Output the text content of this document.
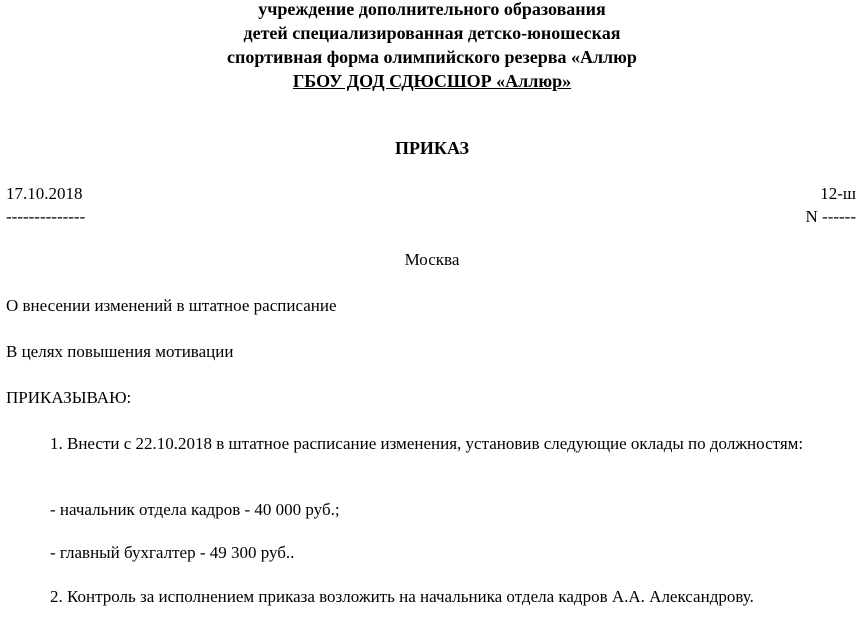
учреждение дополнительного образования
детей специализированная детско-юношеская
спортивная форма олимпийского резерва «Аллюр
ГБОУ ДОД СДЮСШОР «Аллюр»
ПРИКАЗ
17.10.2018	12-ш
--------------	N ------
Москва
О внесении изменений в штатное расписание
В целях повышения мотивации
ПРИКАЗЫВАЮ:
1. Внести с 22.10.2018 в штатное расписание изменения, установив следующие оклады по должностям:
- начальник отдела кадров - 40 000 руб.;
- главный бухгалтер - 49 300 руб..
2. Контроль за исполнением приказа возложить на начальника отдела кадров А.А. Александрову.
